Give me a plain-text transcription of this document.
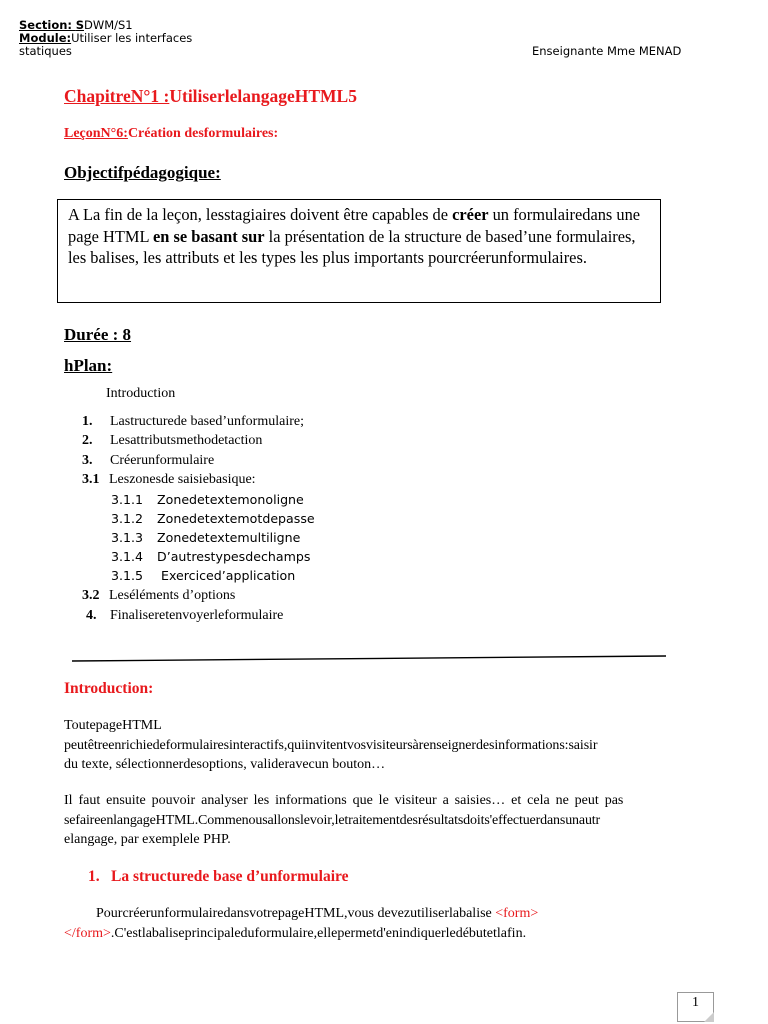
Section: SDWM/S1
Module:Utiliser les interfaces
statiques	Enseignante Mme MENAD
ChapitreN°1 :UtiliserlelangageHTML5
LeçonN°6:Création desformulaires:
Objectifpédagogique:
A La fin de la leçon, lesstagiaires doivent être capables de créer un formulairedans une page HTML en se basant sur la présentation de la structure de based’une formulaires, les balises, les attributs et les types les plus importants pourcréerunformulaires.
Durée : 8
hPlan:
Introduction
1. Lastructurede based’unformulaire;
2. Lesattributsmethodetaction
3. Créerunformulaire
3.1 Leszonesde saisiebasique:
3.1.1 Zonedetextemonoligne
3.1.2 Zonedetextemotdepasse
3.1.3 Zonedetextemultiligne
3.1.4 D’autrestypesdechamps
3.1.5 Exerciced’application
3.2 Leséléments d’options
4. Finaliseretenvoyerleformulaire
Introduction:
ToutepageHTML
peutêtreenrichiedeformulairesinteractifs,quiinvitentvosvisiteursàrenseignerdesinformations:saisir
du texte, sélectionnerdesoptions, valideravecun bouton…
Il faut ensuite pouvoir analyser les informations que le visiteur a saisies… et cela ne peut pas
sefaireenlangageHTML.Commenousallonslevoir,letraitementdesrésultatsdoits'effectuerdansunautr
elangage, par exemplele PHP.
1. La structurede base d’unformulaire
PourcréerunformulairedansvotrepageHTML,vous devezutiliserlabalise <form>
</form>.C'estlabaliseprincipaleduformulaire,ellepermetd'enindiquerledébutetlafin.
1
